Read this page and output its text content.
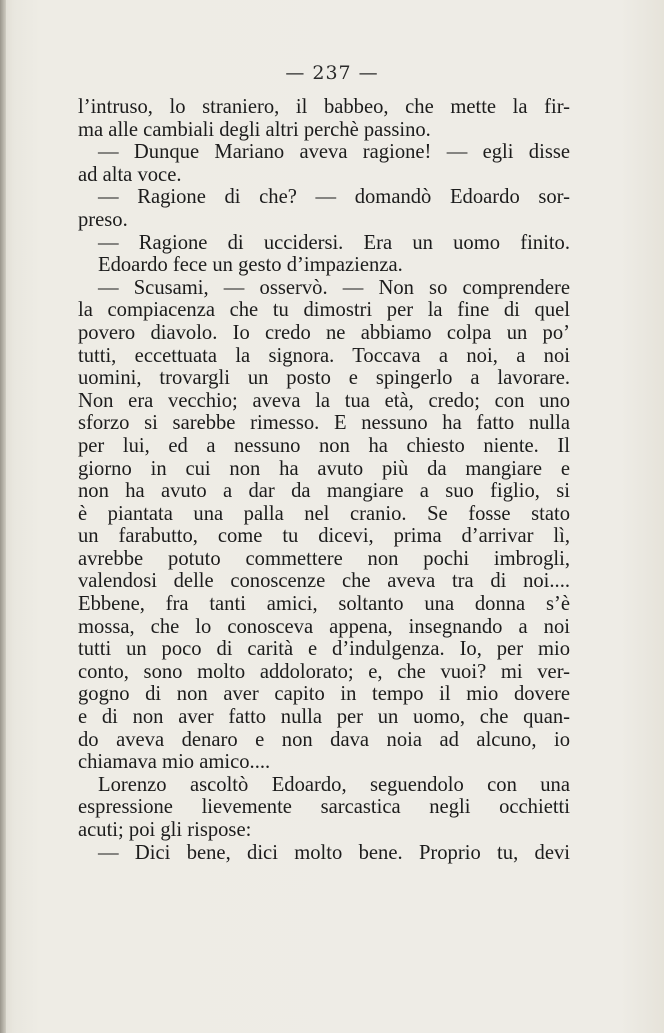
— 237 —
l’intruso, lo straniero, il babbeo, che mette la fir-
ma alle cambiali degli altri perchè passino.
— Dunque Mariano aveva ragione! — egli disse
ad alta voce.
— Ragione di che? — domandò Edoardo sor-
preso.
— Ragione di uccidersi. Era un uomo finito.
Edoardo fece un gesto d’impazienza.
— Scusami, — osservò. — Non so comprendere
la compiacenza che tu dimostri per la fine di quel
povero diavolo. Io credo ne abbiamo colpa un po’
tutti, eccettuata la signora. Toccava a noi, a noi
uomini, trovargli un posto e spingerlo a lavorare.
Non era vecchio; aveva la tua età, credo; con uno
sforzo si sarebbe rimesso. E nessuno ha fatto nulla
per lui, ed a nessuno non ha chiesto niente. Il
giorno in cui non ha avuto più da mangiare e
non ha avuto a dar da mangiare a suo figlio, si
è piantata una palla nel cranio. Se fosse stato
un farabutto, come tu dicevi, prima d’arrivar lì,
avrebbe potuto commettere non pochi imbrogli,
valendosi delle conoscenze che aveva tra di noi....
Ebbene, fra tanti amici, soltanto una donna s’è
mossa, che lo conosceva appena, insegnando a noi
tutti un poco di carità e d’indulgenza. Io, per mio
conto, sono molto addolorato; e, che vuoi? mi ver-
gogno di non aver capito in tempo il mio dovere
e di non aver fatto nulla per un uomo, che quan-
do aveva denaro e non dava noia ad alcuno, io
chiamava mio amico....
Lorenzo ascoltò Edoardo, seguendolo con una
espressione lievemente sarcastica negli occhietti
acuti; poi gli rispose:
— Dici bene, dici molto bene. Proprio tu, devi
